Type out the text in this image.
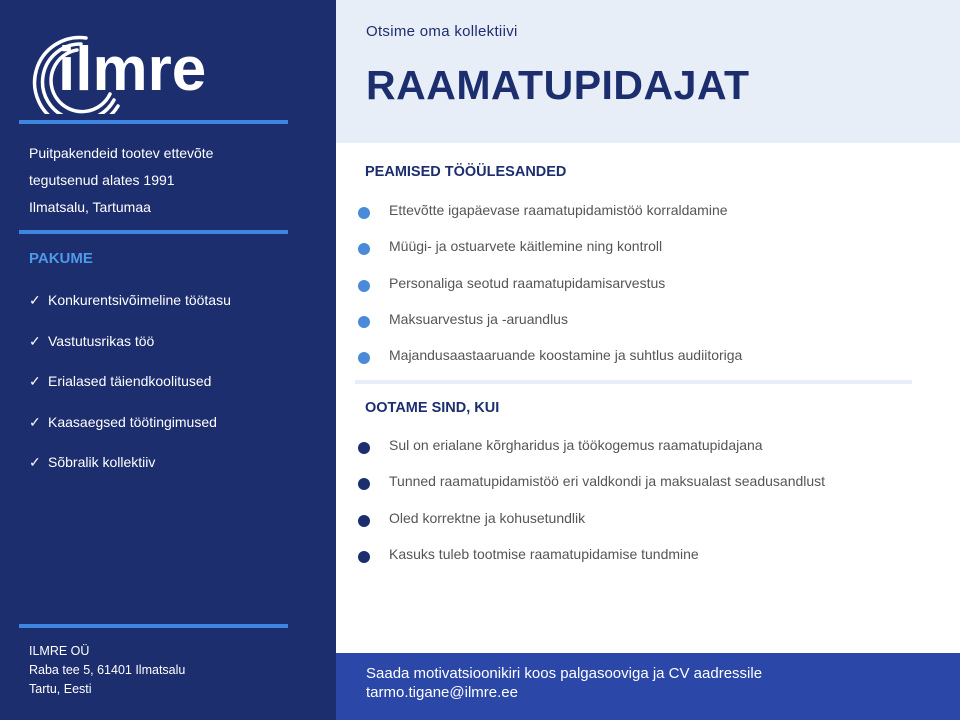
ilmre
Puitpakendeid tootev ettevõte
tegutsenud alates 1991
Ilmatsalu, Tartumaa
PAKUME
✓ Konkurentsivõimeline töötasu
✓ Vastutusrikas töö
✓ Erialased täiendkoolitused
✓ Kaasaegsed töötingimused
✓ Sõbralik kollektiiv
ILMRE OÜ
Raba tee 5, 61401 Ilmatsalu
Tartu, Eesti
Otsime oma kollektiivi
RAAMATUPIDAJAT
PEAMISED TÖÖÜLESANDED
Ettevõtte igapäevase raamatupidamistöö korraldamine
Müügi- ja ostuarvete käitlemine ning kontroll
Personaliga seotud raamatupidamisarvestus
Maksuarvestus ja -aruandlus
Majandusaastaaruande koostamine ja suhtlus audiitoriga
OOTAME SIND, KUI
Sul on erialane kõrgharidus ja töökogemus raamatupidajana
Tunned raamatupidamistöö eri valdkondi ja maksualast seadusandlust
Oled korrektne ja kohusetundlik
Kasuks tuleb tootmise raamatupidamise tundmine
Saada motivatsioonikiri koos palgasooviga ja CV aadressile
tarmo.tigane@ilmre.ee
